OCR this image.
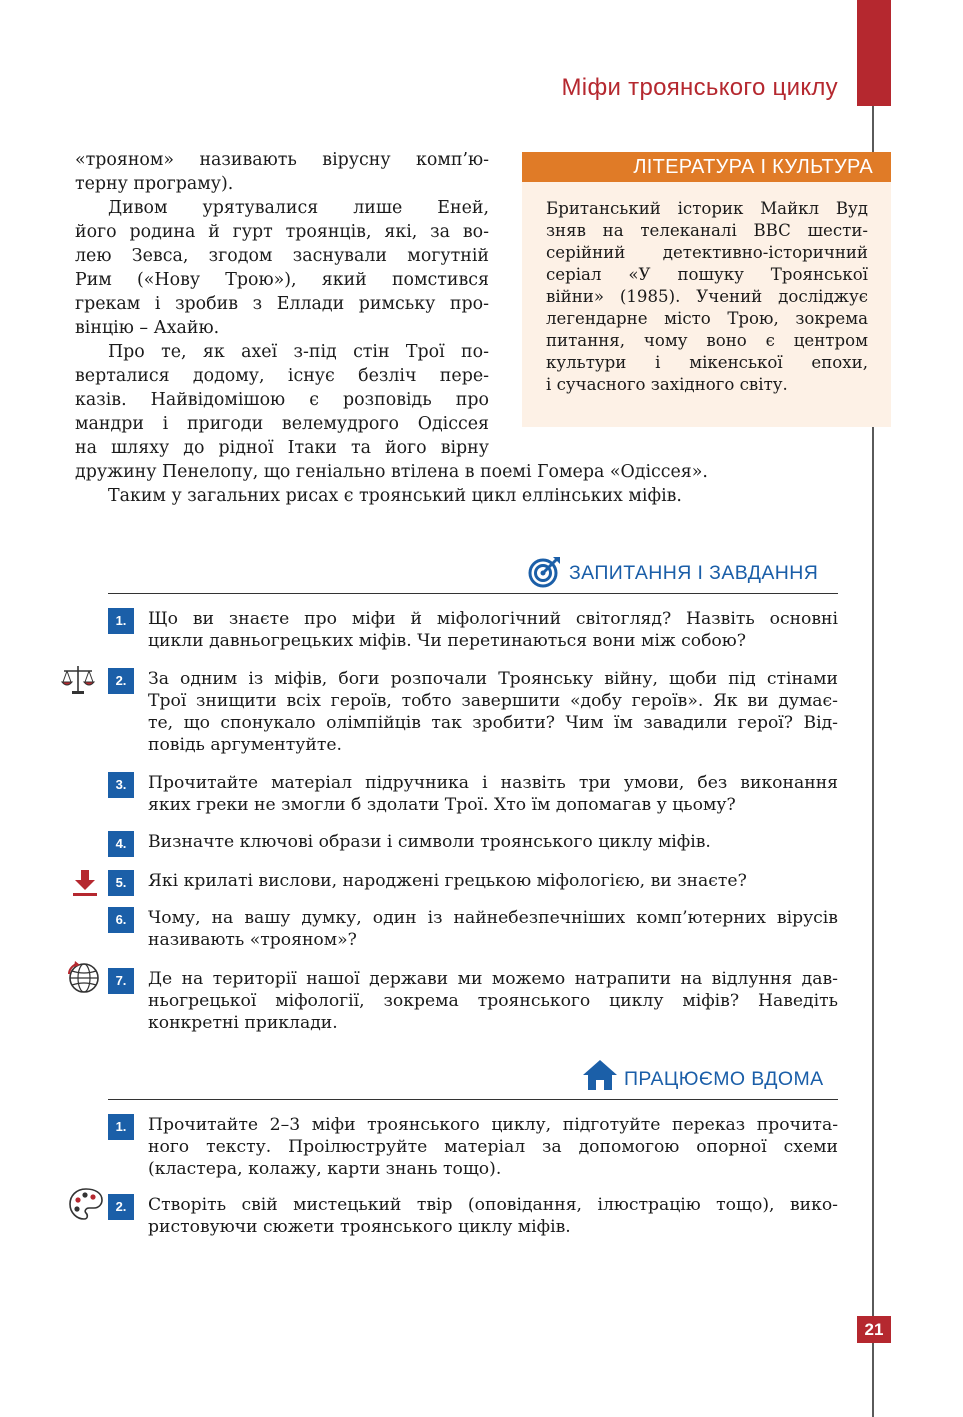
Міфи троянського циклу

«трояном» називають вірусну комп’ю-
терну програму).

Дивом урятувалися лише Еней,
його родина й гурт троянців, які, за во-
лею Зевса, згодом заснували могутній
Рим («Нову Трою»), який помстився
грекам і зробив з Еллади римську про-
вінцію – Ахайю.

Про те, як ахеї з-під стін Трої по-
верталися додому, існує безліч пере-
казів. Найвідомішою є розповідь про
мандри і пригоди велемудрого Одіссея
на шляху до рідної Ітаки та його вірну
дружину Пенелопу, що геніально втілена в поемі Гомера «Одіссея».

Таким у загальних рисах є троянський цикл еллінських міфів.

ЛІТЕРАТУРА І КУЛЬТУРА

Британський історик Майкл Вуд
зняв на телеканалі BBC шести-
серійний детективно-історичний
серіал «У пошуку Троянської
війни» (1985). Учений досліджує
легендарне місто Трою, зокрема
питання, чому воно є центром
культури і мікенської епохи,
і сучасного західного світу.

ЗАПИТАННЯ І ЗАВДАННЯ
1.	Що ви знаєте про міфи й міфологічний світогляд? Назвіть основні
цикли давньогрецьких міфів. Чи перетинаються вони між собою?

2.	За одним із міфів, боги розпочали Троянську війну, щоби під стінами
Трої знищити всіх героїв, тобто завершити «добу героїв». Як ви думає-
те, що спонукало олімпійців так зробити? Чим їм завадили герої? Від-
повідь аргументуйте.

3.	Прочитайте матеріал підручника і назвіть три умови, без виконання
яких греки не змогли б здолати Трої. Хто їм допомагав у цьому?

4.	Визначте ключові образи і символи троянського циклу міфів.

5.	Які крилаті вислови, народжені грецькою міфологією, ви знаєте?

6.	Чому, на вашу думку, один із найнебезпечніших комп’ютерних вірусів
називають «трояном»?

7.	Де на території нашої держави ми можемо натрапити на відлуння дав-
ньогрецької міфології, зокрема троянського циклу міфів? Наведіть
конкретні приклади.

ПРАЦЮЄМО ВДОМА
1.	Прочитайте 2–3 міфи троянського циклу, підготуйте переказ прочита-
ного тексту. Проілюструйте матеріал за допомогою опорної схеми
(кластера, колажу, карти знань тощо).

2.	Створіть свій мистецький твір (оповідання, ілюстрацію тощо), вико-
ристовуючи сюжети троянського циклу міфів.

21
